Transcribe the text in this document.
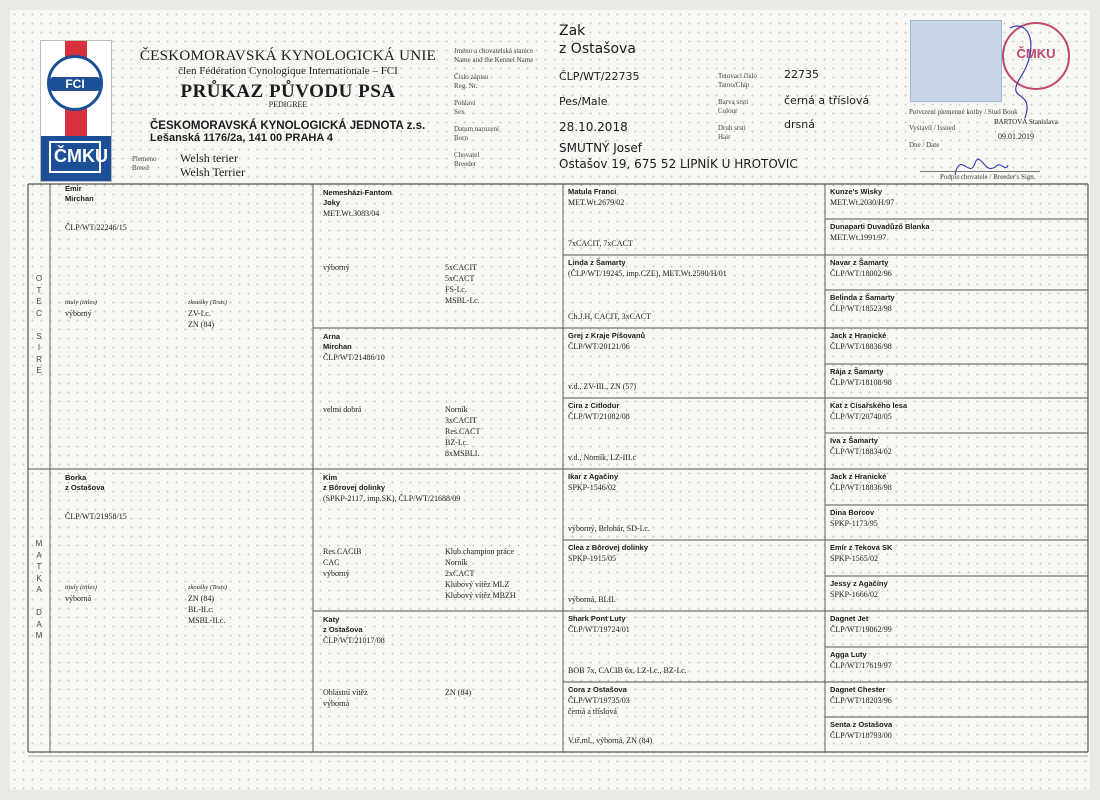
FCI
ČMKU
ČESKOMORAVSKÁ KYNOLOGICKÁ UNIE
člen Fédération Cynologique Internationale – FCI
PRŮKAZ PŮVODU PSA
PEDIGREE
ČESKOMORAVSKÁ KYNOLOGICKÁ JEDNOTA z.s.
Lešanská 1176/2a, 141 00 PRAHA 4
Plemeno
Breed
Welsh terier
Welsh Terrier
Jméno a chovatelská stanice
Name and the Kennel Name
Číslo zápisu
Reg. Nr.
Pohlaví
Sex
Datum narození
Born
Chovatel
Breeder
Zak
z Ostašova
ČLP/WT/22735
Pes/Male
28.10.2018
SMUTNÝ Josef
Ostašov 19, 675 52 LIPNÍK U HROTOVIC
Tetovací číslo
Tatoo/Chip
Barva srsti
Colour
Druh srsti
Hair
22735
černá a tříslová
drsná
ČMKU
Potvrzení plemenné knihy / Stud Book
Vystavil / Issued
BARTOVÁ Stanislava
Dne / Date
09.01.2019
Podpis chovatele / Breeder's Sign.
O
T
E
C
S
I
R
E
M
A
T
K
A
D
A
M
Emir
Mirchan
ČLP/WT/22246/15
tituly (titles)
výborný
zkoušky (Tests)
ZV-I.c.
ZN (84)
Borka
z Ostašova
ČLP/WT/21958/15
tituly (titles)
výborná
zkoušky (Tests)
ZN (84)
BL-II.c.
MSBL-II.c.
Nemesházi-Fantom
Joky
MET.Wt.3083/04
výborný	5xCACIT
5xCACT
FS-I.c.
MSBL-I.c.
Arna
Mirchan
ČLP/WT/21486/10
velmi dobrá	Norník
3xCACIT
Res.CACT
BZ-I.c.
8xMSBLI.
Kim
z Bôrovej dolinky
(SPKP-2117, imp.SK), ČLP/WT/21688/09
Res.CACIB
CAC
výborný
Klub.champion práce
Norník
2xCACT
Klubový vítěz MLZ
Klubový vítěz MBZH
Katy
z Ostašova
ČLP/WT/21017/08
Oblastní vítěz
výborná
ZN (84)
Matula Franci
MET.Wt.2679/02
7xCACIT, 7xCACT
Linda z Šamarty
(ČLP/WT/19245, imp.CZE), MET.Wt.2590/H/01
Ch.J.H, CACIT, 3xCACT
Grej z Kraje Píšovanů
ČLP/WT/20121/06
v.d., ZV-III., ZN (57)
Cira z Citlodur
ČLP/WT/21082/08
v.d., Norník, LZ-III.c
Ikar z Agačiny
SPKP-1546/02
výborný, Brlohár, SD-I.c.
Clea z Bôrovej dolinky
SPKP-1915/05
výborná, BLII.
Shark Pont Luty
ČLP/WT/19724/01
BOB 7x, CACIB 6x, LZ-I.c., BZ-I.c.
Cora z Ostašova
ČLP/WT/19735/03
černá a tříslová
V.tř.ml., výborná, ZN (84)
Kunze's Wisky
MET.Wt.2030/H/97
Dunaparti Duvadůző Blanka
MET.Wt.1991/97
Navar z Šamarty
ČLP/WT/18002/96
Belinda z Šamarty
ČLP/WT/18523/98
Jack z Hranické
ČLP/WT/18836/98
Rája z Šamarty
ČLP/WT/18108/98
Kat z Císařského lesa
ČLP/WT/20740/05
Iva z Šamarty
ČLP/WT/18834/02
Jack z Hranické
ČLP/WT/18836/98
Dina Borcov
SPKP-1173/95
Emír z Tekova SK
SPKP-1565/02
Jessy z Agačiny
SPKP-1666/02
Dagnet Jet
ČLP/WT/19062/99
Agga Luty
ČLP/WT/17619/97
Dagnet Chester
ČLP/WT/18203/96
Senta z Ostašova
ČLP/WT/18793/00
